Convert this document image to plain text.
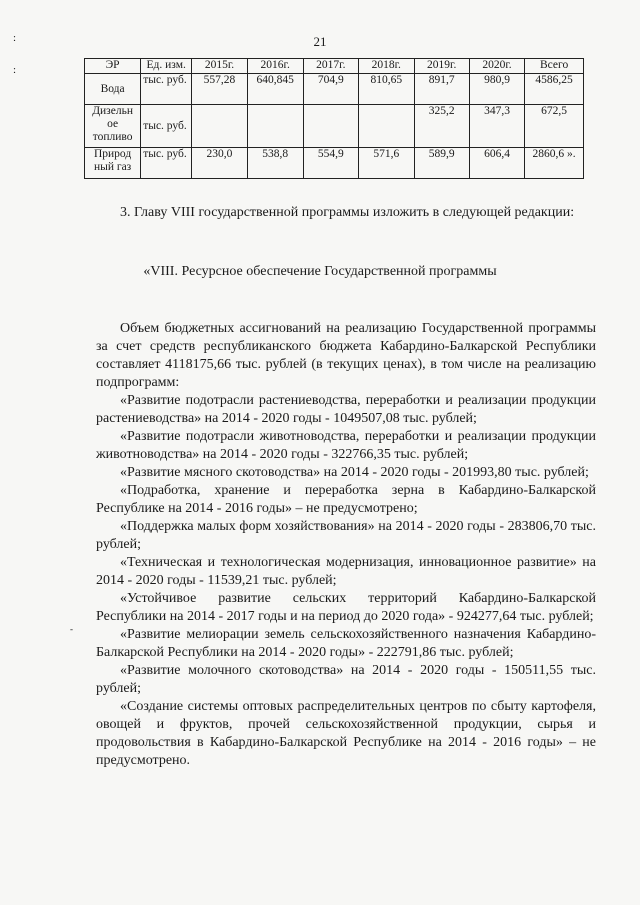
21
:
:
-
ЭР	Ед. изм.	2015г.	2016г.	2017г.	2018г.	2019г.	2020г.	Всего
Вода	тыс. руб.	557,28	640,845	704,9	810,65	891,7	980,9	4586,25
Дизельн ое топливо	тыс. руб.					325,2	347,3	672,5
Природ ный газ	тыс. руб.	230,0	538,8	554,9	571,6	589,9	606,4	2860,6 ».

3. Главу VIII государственной программы изложить в следующей редакции:

«VIII. Ресурсное обеспечение Государственной программы

Объем бюджетных ассигнований на реализацию Государственной программы за счет средств республиканского бюджета Кабардино-Балкарской Республики составляет 4118175,66 тыс. рублей (в текущих ценах), в том числе на реализацию подпрограмм:

«Развитие подотрасли растениеводства, переработки и реализации продукции растениеводства» на 2014 - 2020 годы - 1049507,08 тыс. рублей;

«Развитие подотрасли животноводства, переработки и реализации продукции животноводства» на 2014 - 2020 годы - 322766,35 тыс. рублей;

«Развитие мясного скотоводства» на 2014 - 2020 годы - 201993,80 тыс. рублей;

«Подработка, хранение и переработка зерна в Кабардино-Балкарской Республике на 2014 - 2016 годы» – не предусмотрено;

«Поддержка малых форм хозяйствования» на 2014 - 2020 годы - 283806,70 тыс. рублей;

«Техническая и технологическая модернизация, инновационное развитие» на 2014 - 2020 годы - 11539,21 тыс. рублей;

«Устойчивое развитие сельских территорий Кабардино-Балкарской Республики на 2014 - 2017 годы и на период до 2020 года» - 924277,64 тыс. рублей;

«Развитие мелиорации земель сельскохозяйственного назначения Кабардино-Балкарской Республики на 2014 - 2020 годы» - 222791,86 тыс. рублей;

«Развитие молочного скотоводства» на 2014 - 2020 годы - 150511,55 тыс. рублей;

«Создание системы оптовых распределительных центров по сбыту картофеля, овощей и фруктов, прочей сельскохозяйственной продукции, сырья и продовольствия в Кабардино-Балкарской Республике на 2014 - 2016 годы» – не предусмотрено.
